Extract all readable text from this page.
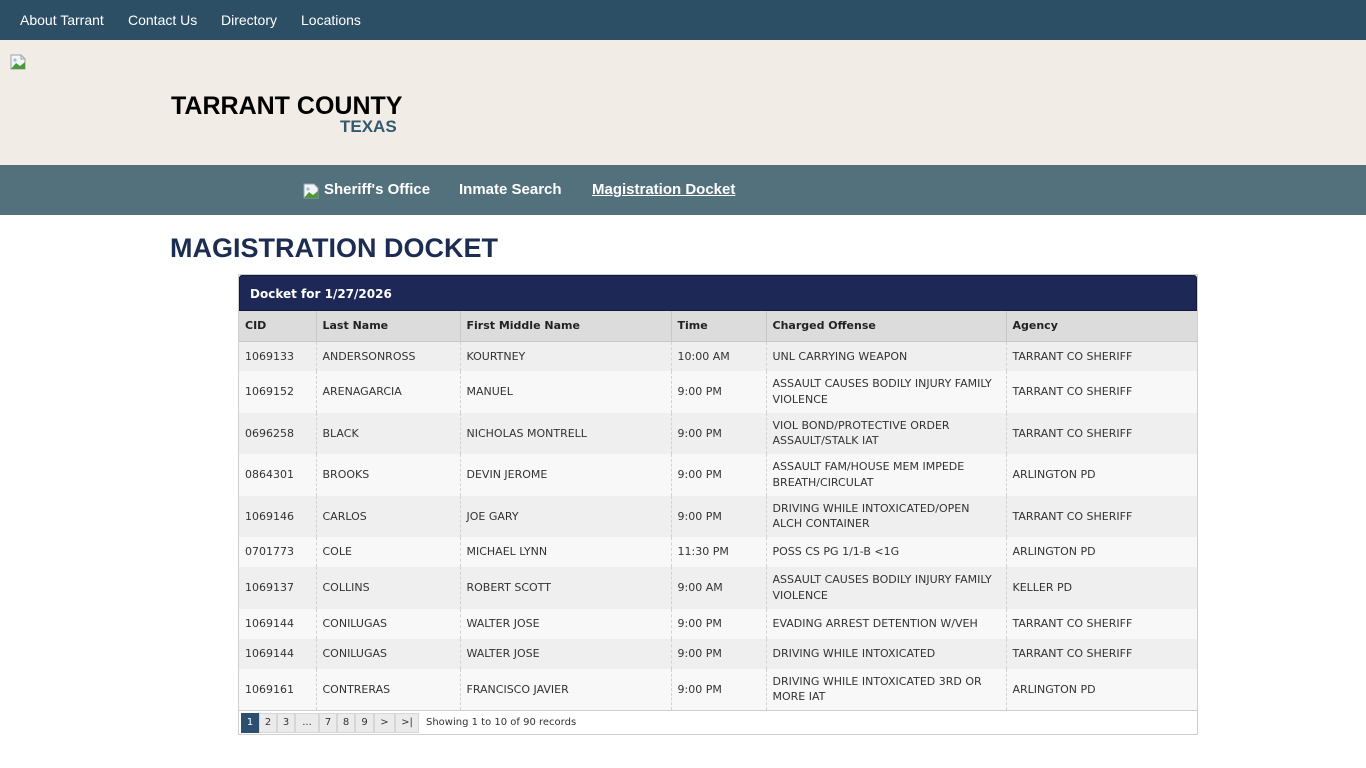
About Tarrant Contact Us Directory Locations
TARRANT COUNTY
TEXAS
Sheriff's Office Inmate Search Magistration Docket
MAGISTRATION DOCKET
Docket for 1/27/2026
CID	Last Name	First Middle Name	Time	Charged Offense	Agency
1069133	ANDERSONROSS	KOURTNEY	10:00 AM	UNL CARRYING WEAPON	TARRANT CO SHERIFF
1069152	ARENAGARCIA	MANUEL	9:00 PM	ASSAULT CAUSES BODILY INJURY FAMILY VIOLENCE	TARRANT CO SHERIFF
0696258	BLACK	NICHOLAS MONTRELL	9:00 PM	VIOL BOND/PROTECTIVE ORDER ASSAULT/STALK IAT	TARRANT CO SHERIFF
0864301	BROOKS	DEVIN JEROME	9:00 PM	ASSAULT FAM/HOUSE MEM IMPEDE BREATH/CIRCULAT	ARLINGTON PD
1069146	CARLOS	JOE GARY	9:00 PM	DRIVING WHILE INTOXICATED/OPEN ALCH CONTAINER	TARRANT CO SHERIFF
0701773	COLE	MICHAEL LYNN	11:30 PM	POSS CS PG 1/1-B <1G	ARLINGTON PD
1069137	COLLINS	ROBERT SCOTT	9:00 AM	ASSAULT CAUSES BODILY INJURY FAMILY VIOLENCE	KELLER PD
1069144	CONILUGAS	WALTER JOSE	9:00 PM	EVADING ARREST DETENTION W/VEH	TARRANT CO SHERIFF
1069144	CONILUGAS	WALTER JOSE	9:00 PM	DRIVING WHILE INTOXICATED	TARRANT CO SHERIFF
1069161	CONTRERAS	FRANCISCO JAVIER	9:00 PM	DRIVING WHILE INTOXICATED 3RD OR MORE IAT	ARLINGTON PD
1	2	3	...	7	8	9	>	>|	Showing 1 to 10 of 90 records
